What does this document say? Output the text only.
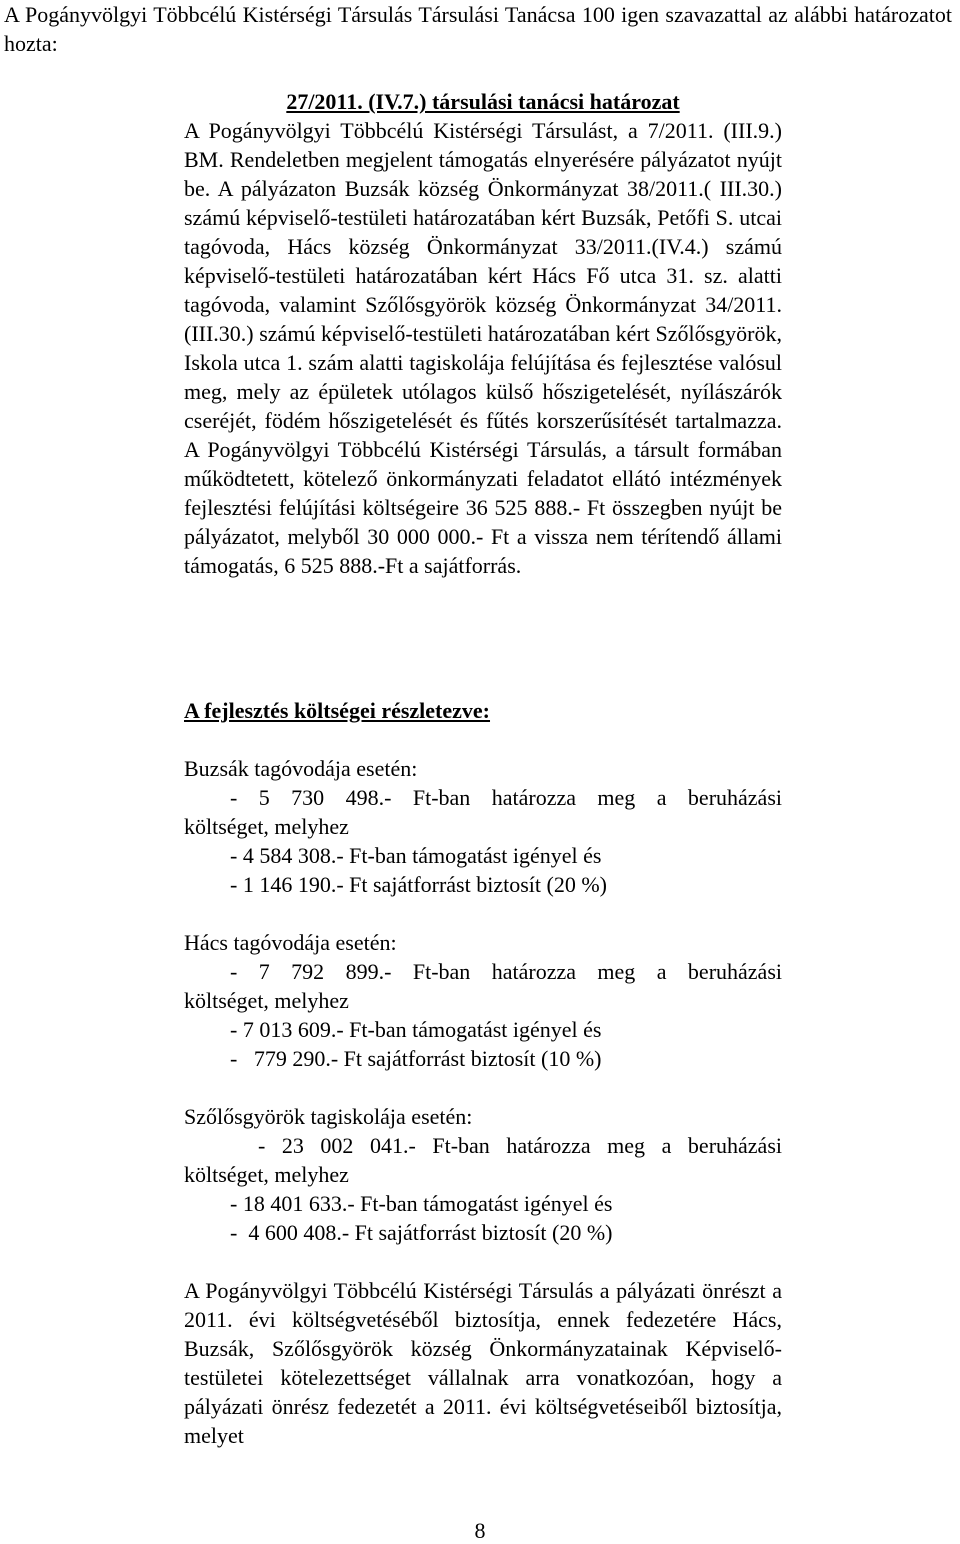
A Pogányvölgyi Többcélú Kistérségi Társulás Társulási Tanácsa 100 igen szavazattal az alábbi határozatot hozta:

27/2011. (IV.7.) társulási tanácsi határozat

A Pogányvölgyi Többcélú Kistérségi Társulást, a 7/2011. (III.9.) BM. Rendeletben megjelent támogatás elnyerésére pályázatot nyújt be. A pályázaton Buzsák község Önkormányzat 38/2011.( III.30.) számú képviselő-testületi határozatában kért Buzsák, Petőfi S. utcai tagóvoda, Hács község Önkormányzat 33/2011.(IV.4.) számú képviselő-testületi határozatában kért Hács Fő utca 31. sz. alatti tagóvoda, valamint Szőlősgyörök község Önkormányzat 34/2011. (III.30.) számú képviselő-testületi határozatában kért Szőlősgyörök, Iskola utca 1. szám alatti tagiskolája felújítása és fejlesztése valósul meg, mely az épületek utólagos külső hőszigetelését, nyílászárók cseréjét, födém hőszigetelését és fűtés korszerűsítését tartalmazza. A Pogányvölgyi Többcélú Kistérségi Társulás, a társult formában működtetett, kötelező önkormányzati feladatot ellátó intézmények fejlesztési felújítási költségeire 36 525 888.- Ft összegben nyújt be pályázatot, melyből 30 000 000.- Ft a vissza nem térítendő állami támogatás, 6 525 888.-Ft a sajátforrás.

A fejlesztés költségei részletezve:

Buzsák tagóvodája esetén:
- 5 730 498.- Ft-ban határozza meg a beruházási
költséget, melyhez
- 4 584 308.- Ft-ban támogatást igényel és
- 1 146 190.- Ft sajátforrást biztosít (20 %)
Hács tagóvodája esetén:
- 7 792 899.- Ft-ban határozza meg a beruházási
költséget, melyhez
- 7 013 609.- Ft-ban támogatást igényel és
-   779 290.- Ft sajátforrást biztosít (10 %)
Szőlősgyörök tagiskolája esetén:
- 23 002 041.- Ft-ban határozza meg a beruházási
költséget, melyhez
- 18 401 633.- Ft-ban támogatást igényel és
-  4 600 408.- Ft sajátforrást biztosít (20 %)

A Pogányvölgyi Többcélú Kistérségi Társulás a pályázati önrészt a 2011. évi költségvetéséből biztosítja, ennek fedezetére Hács, Buzsák, Szőlősgyörök község Önkormányzatainak Képviselő-testületei kötelezettséget vállalnak arra vonatkozóan, hogy a pályázati önrész fedezetét a 2011. évi költségvetéseiből biztosítja, melyet

8
